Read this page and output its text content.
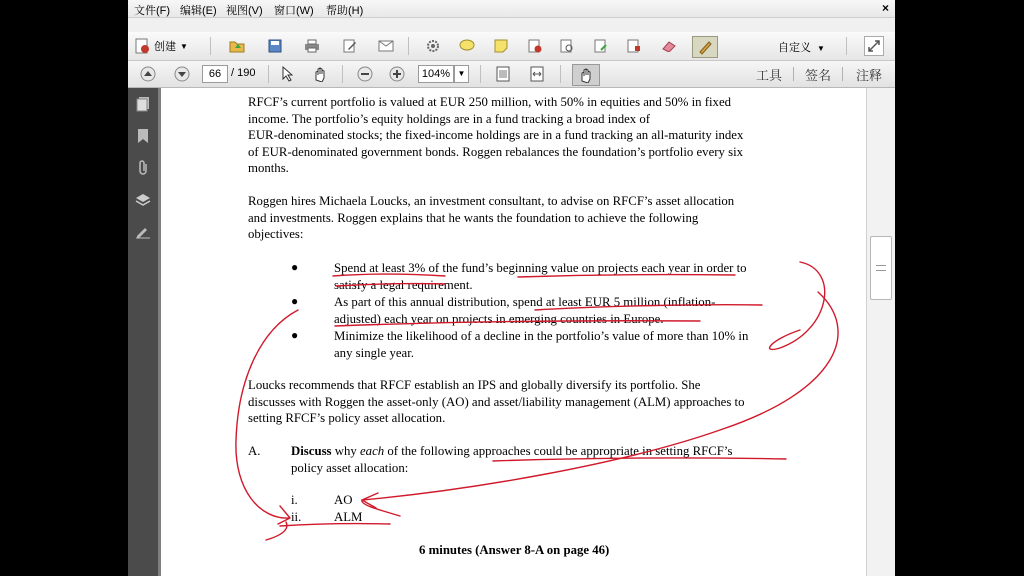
文件(F) 编辑(E) 视图(V) 窗口(W) 帮助(H)	×
创建 ▼	自定义 ▼
66 / 190	104% ▼	工具 签名 注释
RFCF’s current portfolio is valued at EUR 250 million, with 50% in equities and 50% in fixed
income. The portfolio’s equity holdings are in a fund tracking a broad index of
EUR-denominated stocks; the fixed-income holdings are in a fund tracking an all-maturity index
of EUR-denominated government bonds. Roggen rebalances the foundation’s portfolio every six
months.
Roggen hires Michaela Loucks, an investment consultant, to advise on RFCF’s asset allocation
and investments. Roggen explains that he wants the foundation to achieve the following
objectives:
●	Spend at least 3% of the fund’s beginning value on projects each year in order to
satisfy a legal requirement.
●	As part of this annual distribution, spend at least EUR 5 million (inflation-
adjusted) each year on projects in emerging countries in Europe.
●	Minimize the likelihood of a decline in the portfolio’s value of more than 10% in
any single year.
Loucks recommends that RFCF establish an IPS and globally diversify its portfolio. She
discusses with Roggen the asset-only (AO) and asset/liability management (ALM) approaches to
setting RFCF’s policy asset allocation.
A. Discuss why each of the following approaches could be appropriate in setting RFCF’s
policy asset allocation:
i.	AO
ii.	ALM
6 minutes (Answer 8-A on page 46)
